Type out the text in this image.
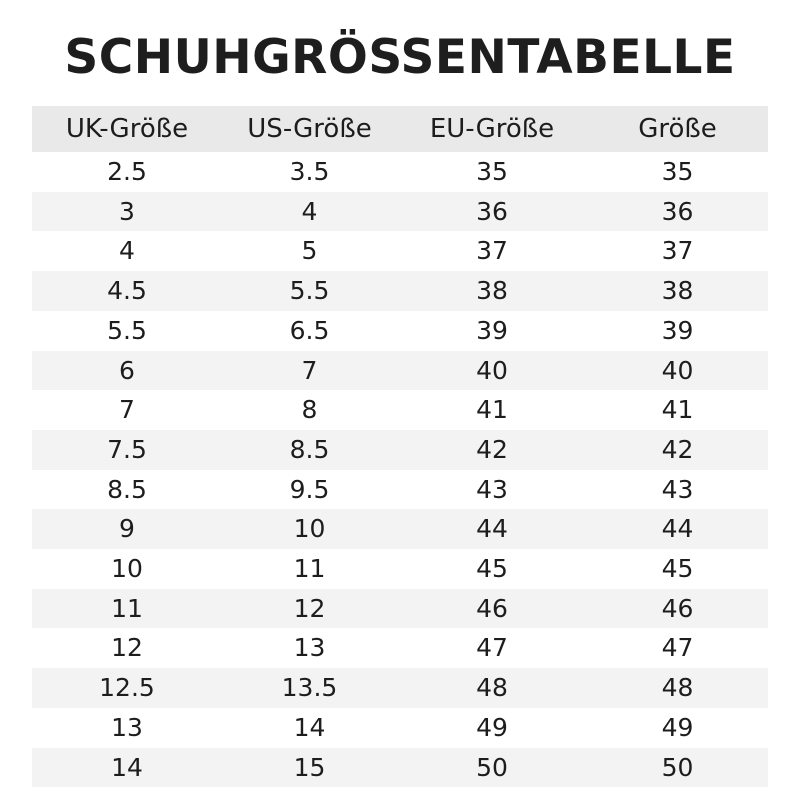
SCHUHGRÖSSENTABELLE
UK-Größe	US-Größe	EU-Größe	Größe
2.5	3.5	35	35
3	4	36	36
4	5	37	37
4.5	5.5	38	38
5.5	6.5	39	39
6	7	40	40
7	8	41	41
7.5	8.5	42	42
8.5	9.5	43	43
9	10	44	44
10	11	45	45
11	12	46	46
12	13	47	47
12.5	13.5	48	48
13	14	49	49
14	15	50	50
